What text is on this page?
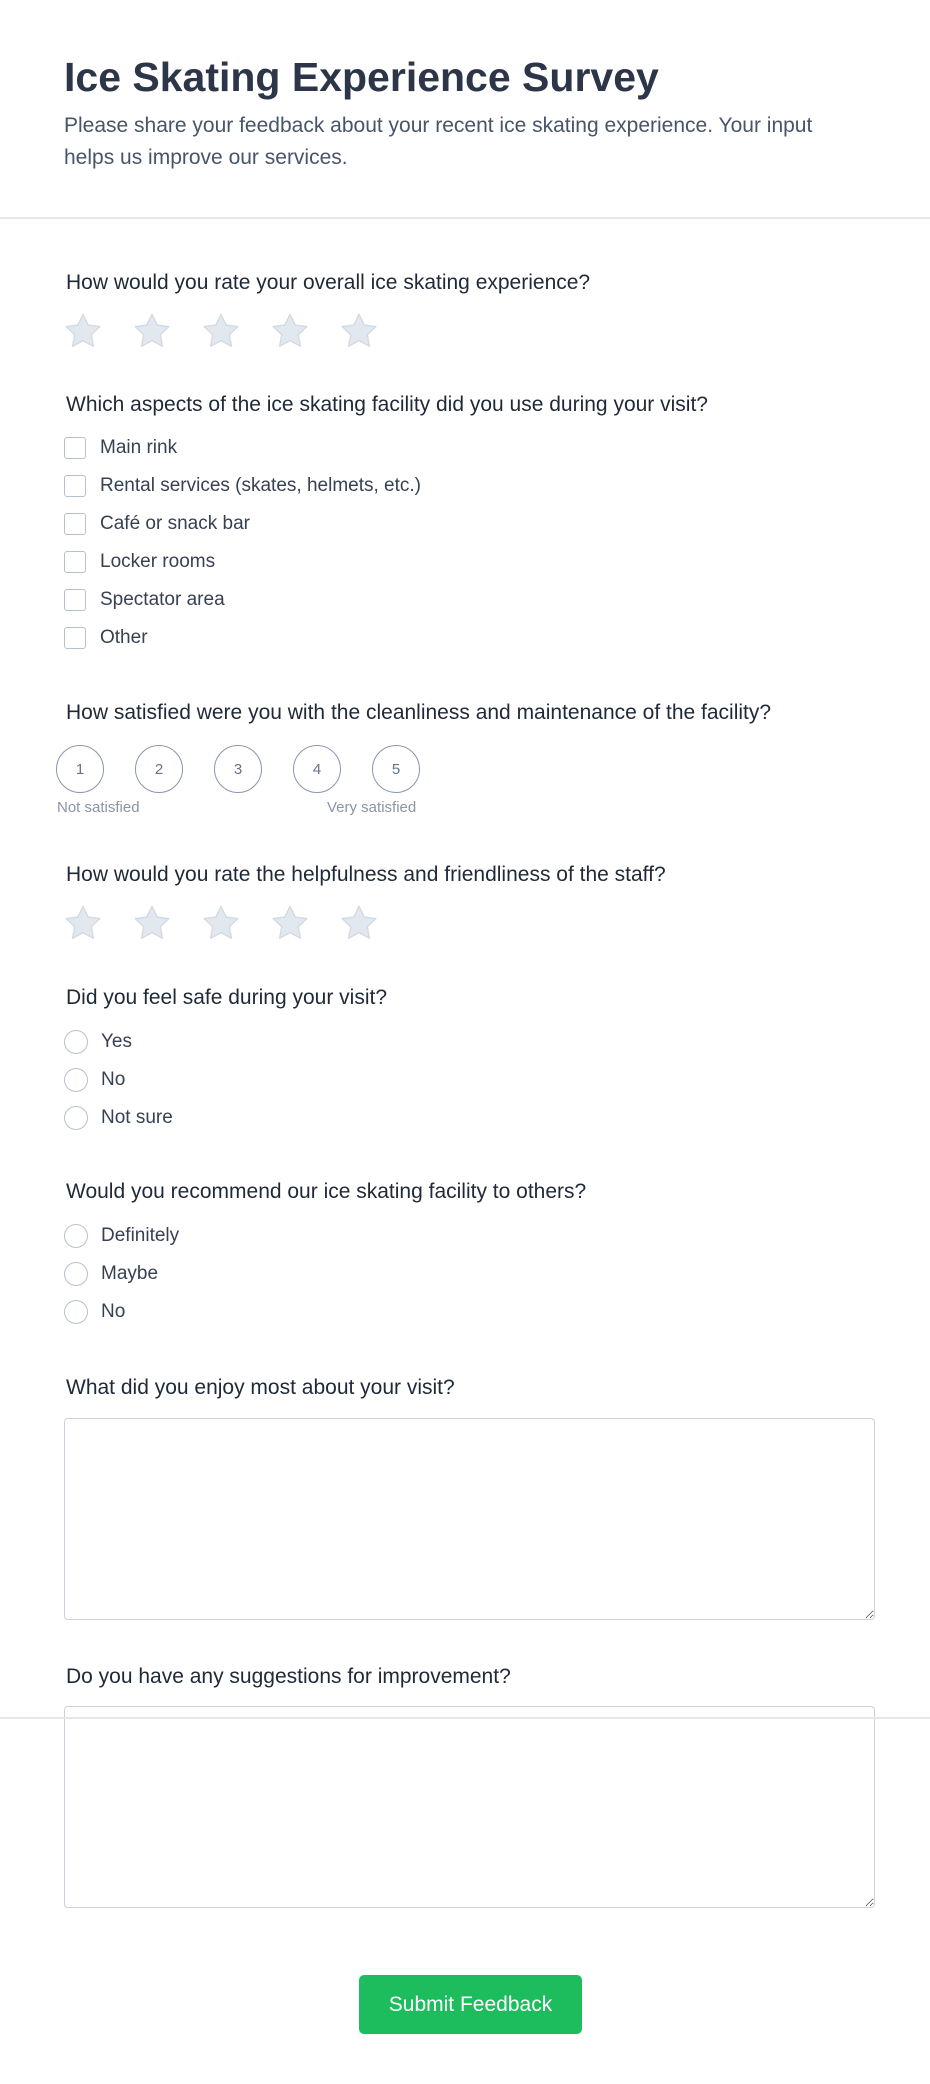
Ice Skating Experience Survey

Please share your feedback about your recent ice skating experience. Your input helps us improve our services.

How would you rate your overall ice skating experience?

Which aspects of the ice skating facility did you use during your visit?

Main rink
Rental services (skates, helmets, etc.)
Café or snack bar
Locker rooms
Spectator area
Other

How satisfied were you with the cleanliness and maintenance of the facility?

1	2	3	4	5
Not satisfied	Very satisfied

How would you rate the helpfulness and friendliness of the staff?

Did you feel safe during your visit?

Yes
No
Not sure

Would you recommend our ice skating facility to others?

Definitely
Maybe
No

What did you enjoy most about your visit?

Do you have any suggestions for improvement?

Submit Feedback
